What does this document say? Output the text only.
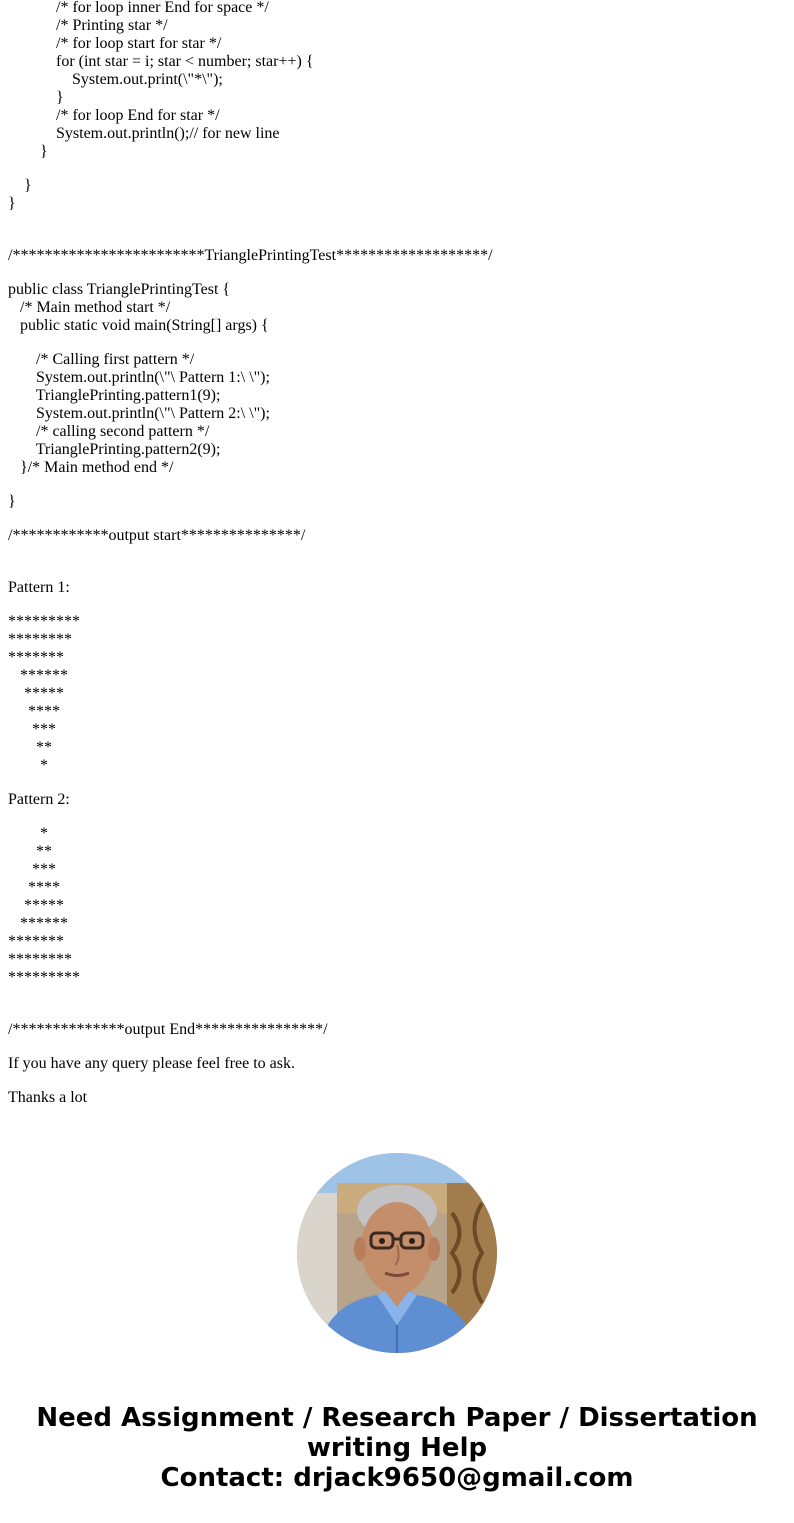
/* for loop inner End for space */
/* Printing star */
/* for loop start for star */
for (int star = i; star < number; star++) {
System.out.print(\"*\");
}
/* for loop End for star */
System.out.println();// for new line
}
}
}
/************************TrianglePrintingTest*******************/
public class TrianglePrintingTest {
/* Main method start */
public static void main(String[] args) {
/* Calling first pattern */
System.out.println(\"\ Pattern 1:\ \");
TrianglePrinting.pattern1(9);
System.out.println(\"\ Pattern 2:\ \");
/* calling second pattern */
TrianglePrinting.pattern2(9);
}/* Main method end */
}
/************output start***************/
Pattern 1:
*********
********
*******
******
*****
****
***
**
*
Pattern 2:
*
**
***
****
*****
******
*******
********
*********
/**************output End****************/
If you have any query please feel free to ask.
Thanks a lot
Need Assignment / Research Paper / Dissertation
writing Help
Contact: drjack9650@gmail.com
